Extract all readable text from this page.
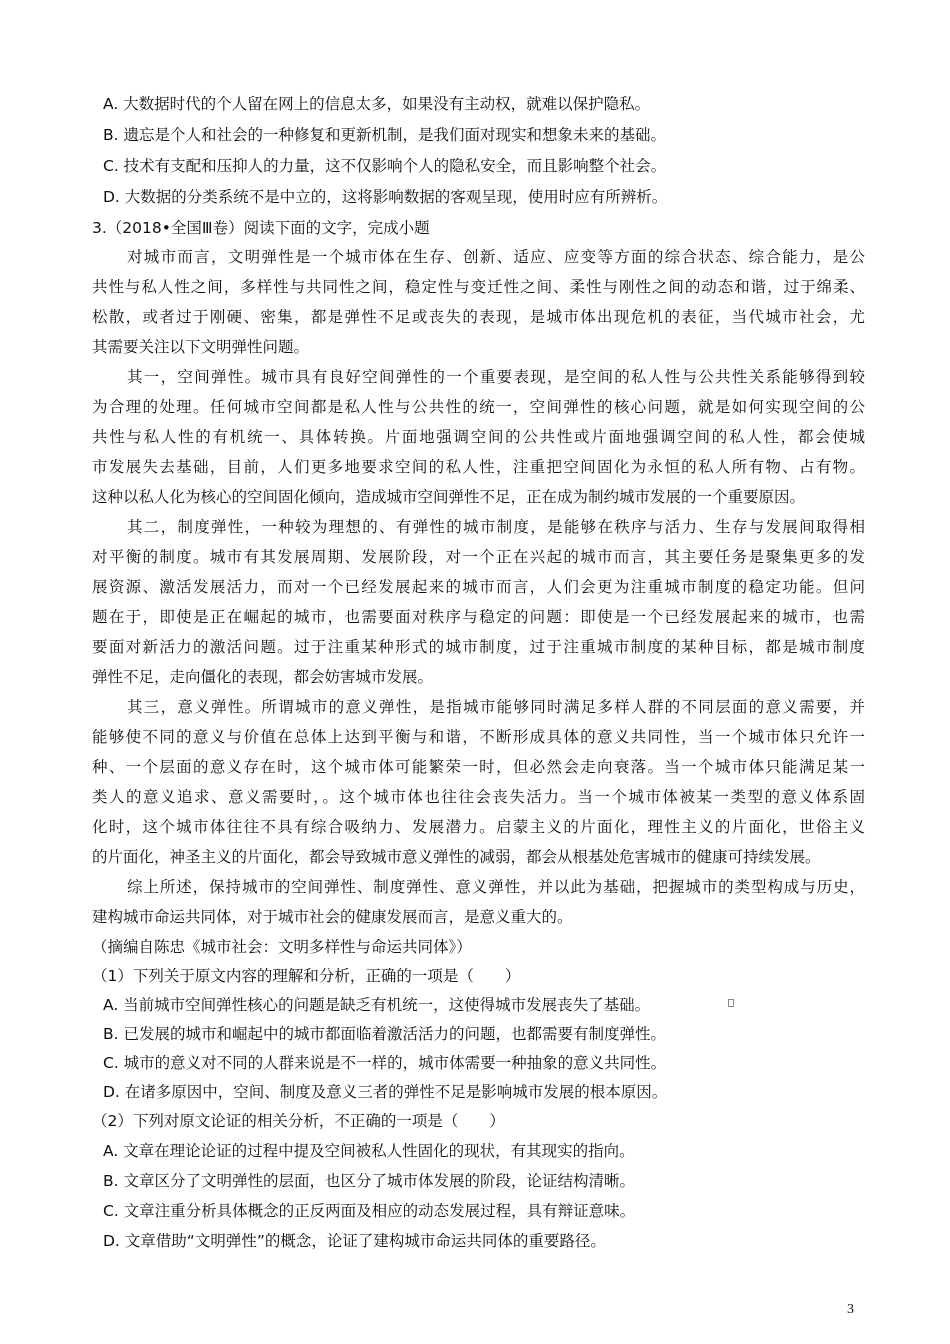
A. 大数据时代的个人留在网上的信息太多，如果没有主动权，就难以保护隐私。
B. 遗忘是个人和社会的一种修复和更新机制，是我们面对现实和想象未来的基础。
C. 技术有支配和压抑人的力量，这不仅影响个人的隐私安全，而且影响整个社会。
D. 大数据的分类系统不是中立的，这将影响数据的客观呈现，使用时应有所辨析。
3.（2018•全国Ⅲ卷）阅读下面的文字，完成小题
对城市而言，文明弹性是一个城市体在生存、创新、适应、应变等方面的综合状态、综合能力，是公
共性与私人性之间，多样性与共同性之间，稳定性与变迁性之间、柔性与刚性之间的动态和谐，过于绵柔、
松散，或者过于刚硬、密集，都是弹性不足或丧失的表现，是城市体出现危机的表征，当代城市社会，尤
其需要关注以下文明弹性问题。
其一，空间弹性。城市具有良好空间弹性的一个重要表现，是空间的私人性与公共性关系能够得到较
为合理的处理。任何城市空间都是私人性与公共性的统一，空间弹性的核心问题，就是如何实现空间的公
共性与私人性的有机统一、具体转换。片面地强调空间的公共性或片面地强调空间的私人性，都会使城
市发展失去基础，目前，人们更多地要求空间的私人性，注重把空间固化为永恒的私人所有物、占有物。
这种以私人化为核心的空间固化倾向，造成城市空间弹性不足，正在成为制约城市发展的一个重要原因。
其二，制度弹性，一种较为理想的、有弹性的城市制度，是能够在秩序与活力、生存与发展间取得相
对平衡的制度。城市有其发展周期、发展阶段，对一个正在兴起的城市而言，其主要任务是聚集更多的发
展资源、激活发展活力，而对一个已经发展起来的城市而言，人们会更为注重城市制度的稳定功能。但问
题在于，即使是正在崛起的城市，也需要面对秩序与稳定的问题：即使是一个已经发展起来的城市，也需
要面对新活力的激活问题。过于注重某种形式的城市制度，过于注重城市制度的某种目标，都是城市制度
弹性不足，走向僵化的表现，都会妨害城市发展。
其三，意义弹性。所谓城市的意义弹性，是指城市能够同时满足多样人群的不同层面的意义需要，并
能够使不同的意义与价值在总体上达到平衡与和谐，不断形成具体的意义共同性，当一个城市体只允许一
种、一个层面的意义存在时，这个城市体可能繁荣一时，但必然会走向衰落。当一个城市体只能满足某一
类人的意义追求、意义需要时，。这个城市体也往往会丧失活力。当一个城市体被某一类型的意义体系固
化时，这个城市体往往不具有综合吸纳力、发展潜力。启蒙主义的片面化，理性主义的片面化，世俗主义
的片面化，神圣主义的片面化，都会导致城市意义弹性的减弱，都会从根基处危害城市的健康可持续发展。
综上所述，保持城市的空间弹性、制度弹性、意义弹性，并以此为基础，把握城市的类型构成与历史，
建构城市命运共同体，对于城市社会的健康发展而言，是意义重大的。
（摘编自陈忠《城市社会：文明多样性与命运共同体》）
（1）下列关于原文内容的理解和分析，正确的一项是（　　）
A. 当前城市空间弹性核心的问题是缺乏有机统一，这使得城市发展丧失了基础。
B. 已发展的城市和崛起中的城市都面临着激活活力的问题，也都需要有制度弹性。
C. 城市的意义对不同的人群来说是不一样的，城市体需要一种抽象的意义共同性。
D. 在诸多原因中，空间、制度及意义三者的弹性不足是影响城市发展的根本原因。
（2）下列对原文论证的相关分析，不正确的一项是（　　）
A. 文章在理论论证的过程中提及空间被私人性固化的现状，有其现实的指向。
B. 文章区分了文明弹性的层面，也区分了城市体发展的阶段，论证结构清晰。
C. 文章注重分析具体概念的正反两面及相应的动态发展过程，具有辩证意味。
D. 文章借助“文明弹性”的概念，论证了建构城市命运共同体的重要路径。
3
